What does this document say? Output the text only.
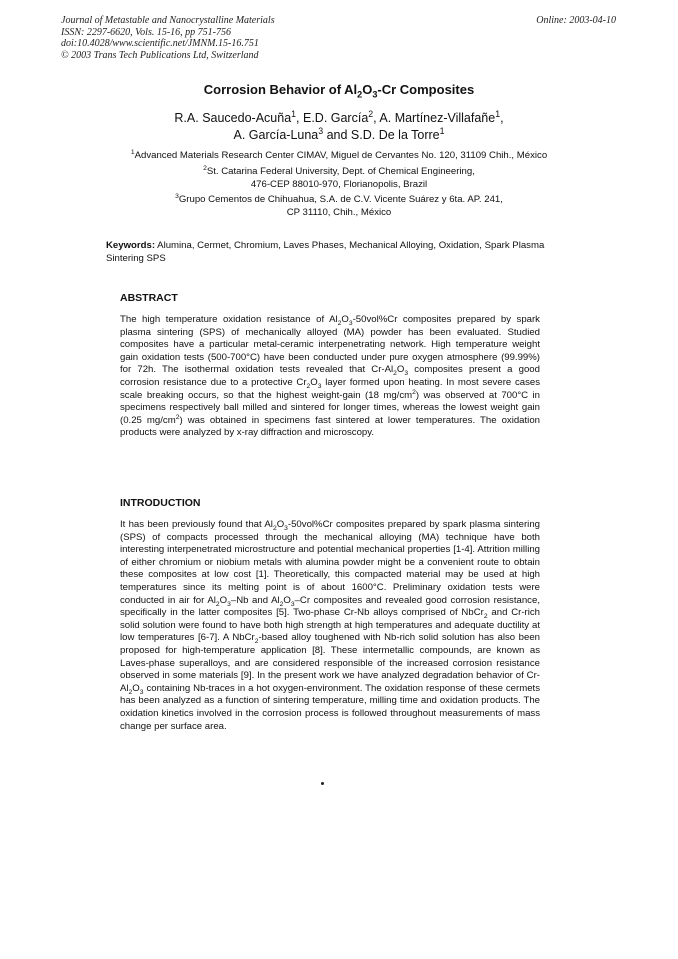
Journal of Metastable and Nanocrystalline Materials
ISSN: 2297-6620, Vols. 15-16, pp 751-756
doi:10.4028/www.scientific.net/JMNM.15-16.751
© 2003 Trans Tech Publications Ltd, Switzerland
Online: 2003-04-10
Corrosion Behavior of $Al_2O_3-Cr$ Composites
R.A. Saucedo-Acuña$^1$, E.D. García$^2$, A. Martínez-Villafañe$^1$,
A. García-Luna$^3$ and S.D. De la Torre$^1$
$^1$Advanced Materials Research Center CIMAV, Miguel de Cervantes No. 120, 31109 Chih., México
$^2$St. Catarina Federal University, Dept. of Chemical Engineering,
476-CEP 88010-970, Florianopolis, Brazil
$^3$Grupo Cementos de Chihuahua, S.A. de C.V. Vicente Suárez y 6ta. AP. 241,
CP 31110, Chih., México
Keywords: Alumina, Cermet, Chromium, Laves Phases, Mechanical Alloying, Oxidation, Spark Plasma Sintering SPS
ABSTRACT

The high temperature oxidation resistance of $Al_2O_3-50vol\%Cr$ composites prepared by spark plasma sintering (SPS) of mechanically alloyed (MA) powder has been evaluated. Studied composites have a particular metal-ceramic interpenetrating network. High temperature weight gain oxidation tests (500-700°C) have been conducted under pure oxygen atmosphere (99.99%) for 72h. The isothermal oxidation tests revealed that $Cr-Al_2O_3$ composites present a good corrosion resistance due to a protective $Cr_2O_3$ layer formed upon heating. In most severe cases scale breaking occurs, so that the highest weight-gain (18 $mg/cm^2$) was observed at 700°C in specimens respectively ball milled and sintered for longer times, whereas the lowest weight gain (0.25 $mg/cm^2$) was obtained in specimens fast sintered at lower temperatures. The oxidation products were analyzed by x-ray diffraction and microscopy.

INTRODUCTION

It has been previously found that $Al_2O_3-50vol\%Cr$ composites prepared by spark plasma sintering (SPS) of compacts processed through the mechanical alloying (MA) technique have both interesting interpenetrated microstructure and potential mechanical properties [1-4]. Attrition milling of either chromium or niobium metals with alumina powder might be a convenient route to obtain these composites at low cost [1]. Theoretically, this compacted material may be used at high temperatures since its melting point is of about 1600°C. Preliminary oxidation tests were conducted in air for $Al_2O_3-Nb$ and $Al_2O_3-Cr$ composites and revealed good corrosion resistance, specifically in the latter composites [5]. Two-phase Cr-Nb alloys comprised of NbCr$_2$ and Cr-rich solid solution were found to have both high strength at high temperatures and adequate ductility at low temperatures [6-7]. A NbCr$_2$-based alloy toughened with Nb-rich solid solution has also been proposed for high-temperature application [8]. These intermetallic compounds, are known as Laves-phase superalloys, and are considered responsible of the increased corrosion resistance observed in some materials [9]. In the present work we have analyzed degradation behavior of $Cr-Al_2O_3$ containing Nb-traces in a hot oxygen-environment. The oxidation response of these cermets has been analyzed as a function of sintering temperature, milling time and oxidation products. The oxidation kinetics involved in the corrosion process is followed throughout measurements of mass change per surface area.
